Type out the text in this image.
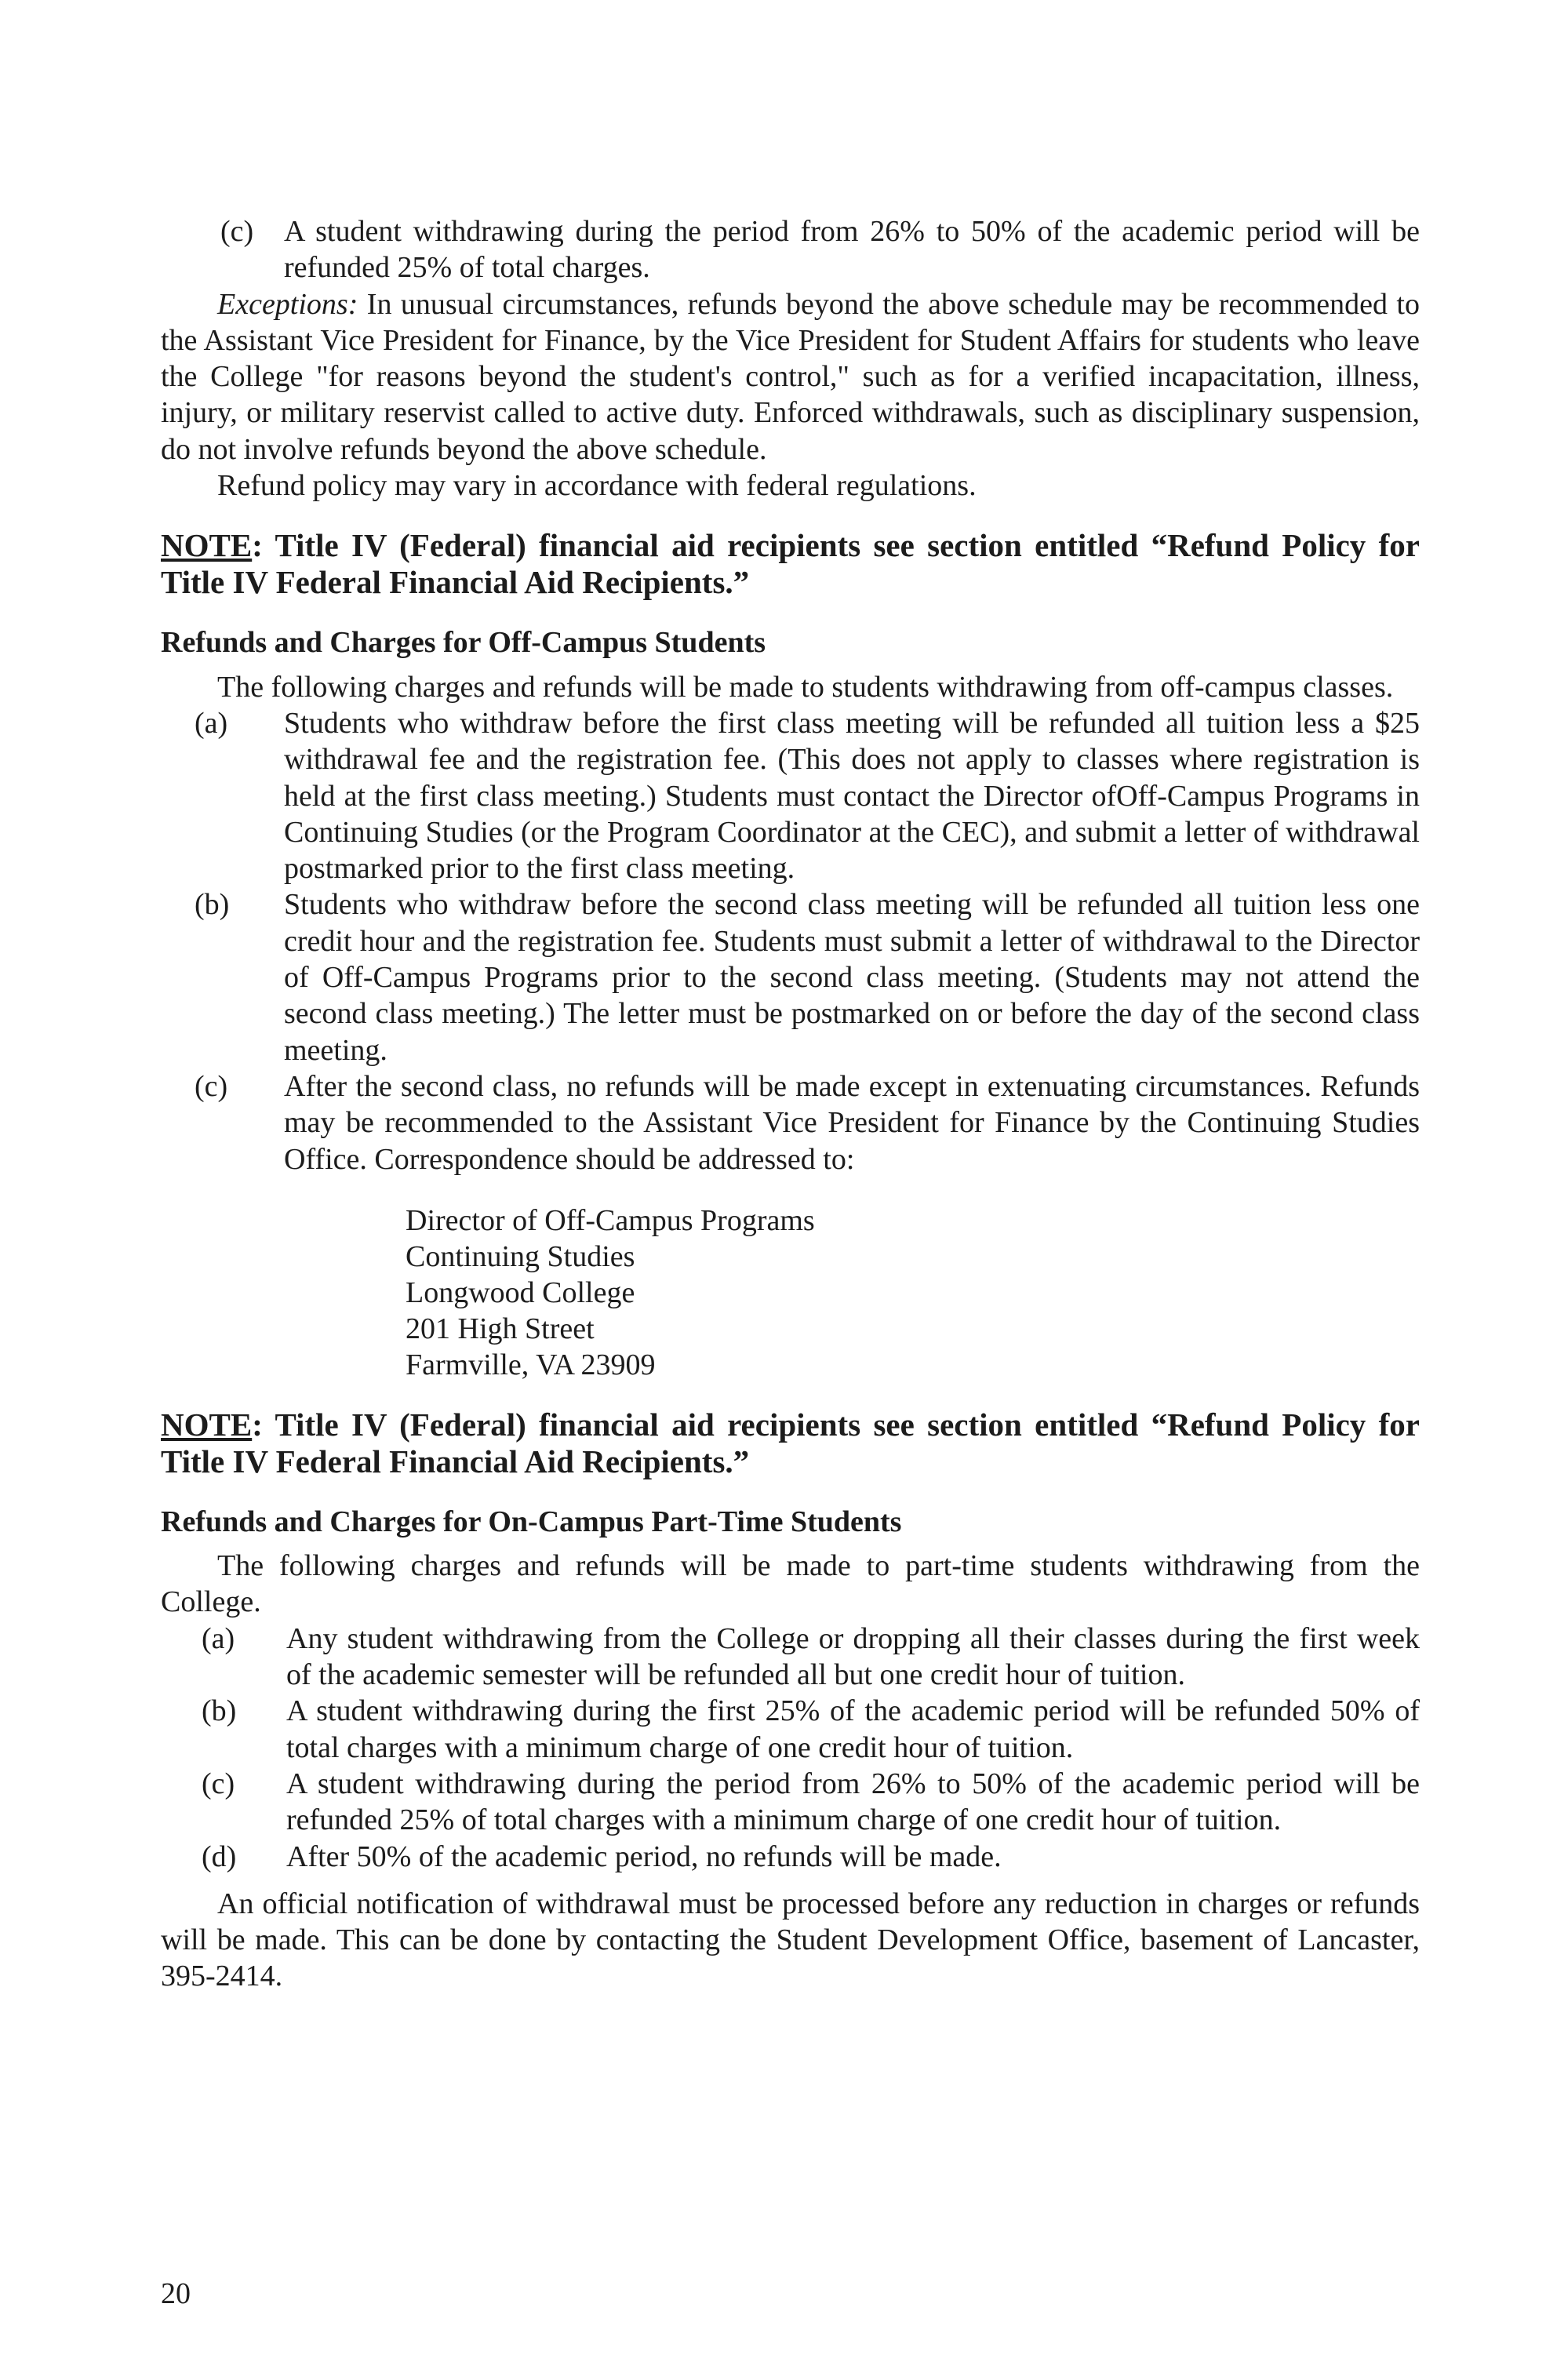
(c)	A student withdrawing during the period from 26% to 50% of the academic period will be refunded 25% of total charges.

Exceptions: In unusual circumstances, refunds beyond the above schedule may be recommended to the Assistant Vice President for Finance, by the Vice President for Student Affairs for students who leave the College "for reasons beyond the student's control," such as for a verified incapacitation, illness, injury, or military reservist called to active duty. Enforced withdrawals, such as disciplinary suspension, do not involve refunds beyond the above schedule.

Refund policy may vary in accordance with federal regulations.

NOTE: Title IV (Federal) financial aid recipients see section entitled “Refund Policy for Title IV Federal Financial Aid Recipients.”

Refunds and Charges for Off-Campus Students

The following charges and refunds will be made to students withdrawing from off-campus classes.

(a)	Students who withdraw before the first class meeting will be refunded all tuition less a $25 withdrawal fee and the registration fee. (This does not apply to classes where registration is held at the first class meeting.) Students must contact the Director ofOff-Campus Programs in Continuing Studies (or the Program Coordinator at the CEC), and submit a letter of withdrawal postmarked prior to the first class meeting.
(b)	Students who withdraw before the second class meeting will be refunded all tuition less one credit hour and the registration fee. Students must submit a letter of withdrawal to the Director of Off-Campus Programs prior to the second class meeting. (Students may not attend the second class meeting.) The letter must be postmarked on or before the day of the second class meeting.
(c)	After the second class, no refunds will be made except in extenuating circumstances. Refunds may be recommended to the Assistant Vice President for Finance by the Continuing Studies Office. Correspondence should be addressed to:
Director of Off-Campus Programs
Continuing Studies
Longwood College
201 High Street
Farmville, VA 23909

NOTE: Title IV (Federal) financial aid recipients see section entitled “Refund Policy for Title IV Federal Financial Aid Recipients.”

Refunds and Charges for On-Campus Part-Time Students

The following charges and refunds will be made to part-time students withdrawing from the College.

(a)	Any student withdrawing from the College or dropping all their classes during the first week of the academic semester will be refunded all but one credit hour of tuition.
(b)	A student withdrawing during the first 25% of the academic period will be refunded 50% of total charges with a minimum charge of one credit hour of tuition.
(c)	A student withdrawing during the period from 26% to 50% of the academic period will be refunded 25% of total charges with a minimum charge of one credit hour of tuition.
(d)	After 50% of the academic period, no refunds will be made.

An official notification of withdrawal must be processed before any reduction in charges or refunds will be made. This can be done by contacting the Student Development Office, basement of Lancaster, 395-2414.

20
